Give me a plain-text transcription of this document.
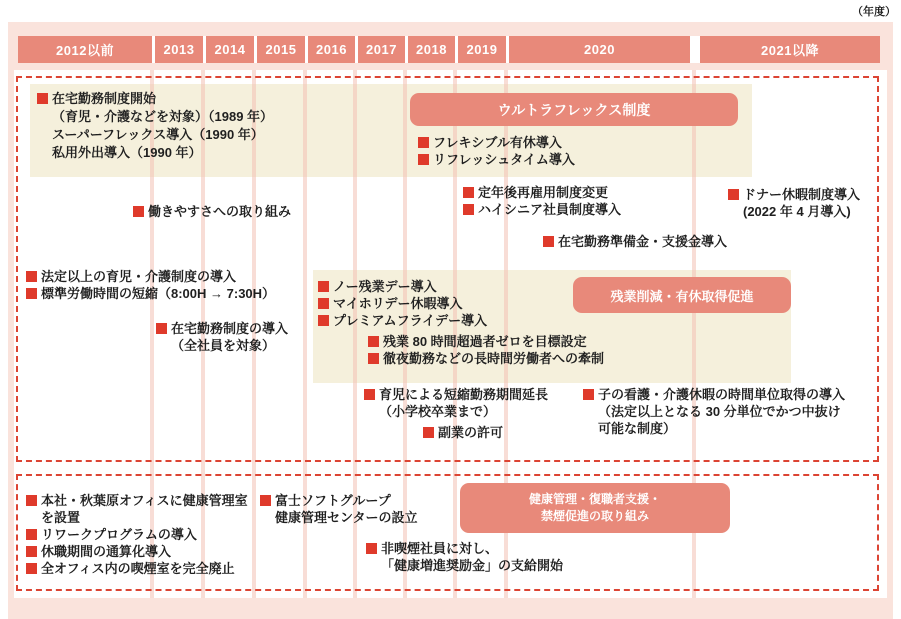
（年度）
2012以前	2013	2014	2015	2016	2017	2018	2019	2020	2021以降
ウルトラフレックス制度
残業削減・有休取得促進
健康管理・復職者支援・
禁煙促進の取り組み
在宅勤務制度開始
（育児・介護などを対象）（1989 年）
スーパーフレックス導入（1990 年）
私用外出導入（1990 年）
フレキシブル有休導入
リフレッシュタイム導入
働きやすさへの取り組み
定年後再雇用制度変更
ハイシニア社員制度導入
ドナー休暇制度導入
(2022 年 4 月導入)
在宅勤務準備金・支援金導入
法定以上の育児・介護制度の導入
標準労働時間の短縮（8:00H → 7:30H）
在宅勤務制度の導入
（全社員を対象）
ノー残業デー導入
マイホリデー休暇導入
プレミアムフライデー導入
残業 80 時間超過者ゼロを目標設定
徹夜勤務などの長時間労働者への牽制
育児による短縮勤務期間延長
（小学校卒業まで）
副業の許可
子の看護・介護休暇の時間単位取得の導入
（法定以上となる 30 分単位でかつ中抜け
可能な制度）
本社・秋葉原オフィスに健康管理室
を設置
リワークプログラムの導入
休職期間の通算化導入
全オフィス内の喫煙室を完全廃止
富士ソフトグループ
健康管理センターの設立
非喫煙社員に対し、
「健康増進奨励金」の支給開始
